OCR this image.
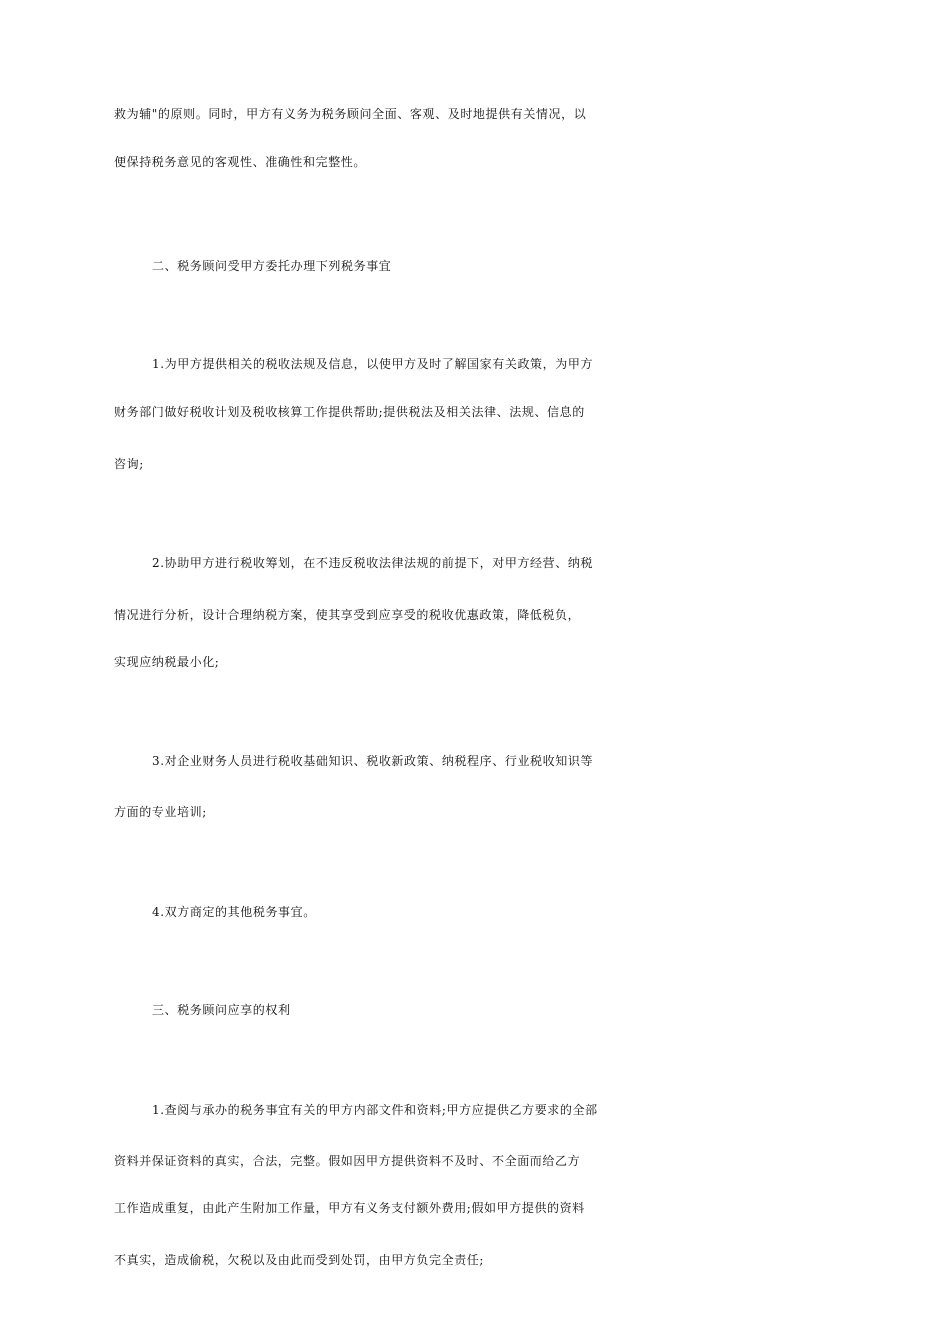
救为辅"的原则。同时，甲方有义务为税务顾问全面、客观、及时地提供有关情况，以
便保持税务意见的客观性、准确性和完整性。
二、税务顾问受甲方委托办理下列税务事宜
1.为甲方提供相关的税收法规及信息，以使甲方及时了解国家有关政策，为甲方
财务部门做好税收计划及税收核算工作提供帮助;提供税法及相关法律、法规、信息的
咨询;
2.协助甲方进行税收筹划，在不违反税收法律法规的前提下，对甲方经营、纳税
情况进行分析，设计合理纳税方案，使其享受到应享受的税收优惠政策，降低税负，
实现应纳税最小化;
3.对企业财务人员进行税收基础知识、税收新政策、纳税程序、行业税收知识等
方面的专业培训;
4.双方商定的其他税务事宜。
三、税务顾问应享的权利
1.查阅与承办的税务事宜有关的甲方内部文件和资料;甲方应提供乙方要求的全部
资料并保证资料的真实，合法，完整。假如因甲方提供资料不及时、不全面而给乙方
工作造成重复，由此产生附加工作量，甲方有义务支付额外费用;假如甲方提供的资料
不真实，造成偷税，欠税以及由此而受到处罚，由甲方负完全责任;
